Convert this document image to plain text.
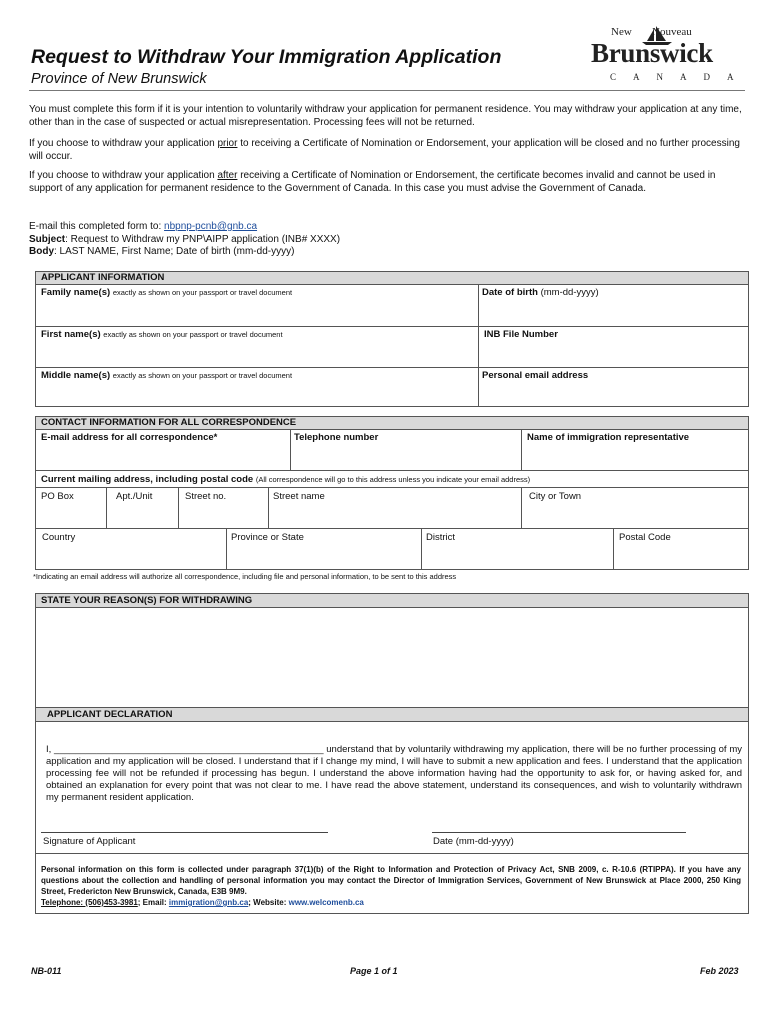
Request to Withdraw Your Immigration Application
Province of New Brunswick
New Nouveau
Brunswick
CANADA
You must complete this form if it is your intention to voluntarily withdraw your application for permanent residence. You may withdraw your application at any time, other than in the case of suspected or actual misrepresentation. Processing fees will not be returned.
If you choose to withdraw your application prior to receiving a Certificate of Nomination or Endorsement, your application will be closed and no further processing will occur.
If you choose to withdraw your application after receiving a Certificate of Nomination or Endorsement, the certificate becomes invalid and cannot be used in support of any application for permanent residence to the Government of Canada. In this case you must advise the Government of Canada.
E-mail this completed form to: nbpnp-pcnb@gnb.ca
Subject: Request to Withdraw my PNP\AIPP application (INB# XXXX)
Body: LAST NAME, First Name; Date of birth (mm-dd-yyyy)
APPLICANT INFORMATION
Family name(s) exactly as shown on your passport or travel document	Date of birth (mm-dd-yyyy)
First name(s) exactly as shown on your passport or travel document	INB File Number
Middle name(s) exactly as shown on your passport or travel document	Personal email address
CONTACT INFORMATION FOR ALL CORRESPONDENCE
E-mail address for all correspondence*	Telephone number	Name of immigration representative
Current mailing address, including postal code (All correspondence will go to this address unless you indicate your email address)
PO Box	Apt./Unit	Street no.	Street name	City or Town
Country	Province or State	District	Postal Code
*Indicating an email address will authorize all correspondence, including file and personal information, to be sent to this address
STATE YOUR REASON(S) FOR WITHDRAWING
APPLICANT DECLARATION
I, ___________________________________________________ understand that by voluntarily withdrawing my application, there will be no further processing of my application and my application will be closed. I understand that if I change my mind, I will have to submit a new application and fees. I understand that the application processing fee will not be refunded if processing has begun. I understand the above information having had the opportunity to ask for, or having asked for, and obtained an explanation for every point that was not clear to me. I have read the above statement, understand its consequences, and wish to voluntarily withdrawn my permanent resident application.
Signature of Applicant	Date (mm-dd-yyyy)
Personal information on this form is collected under paragraph 37(1)(b) of the Right to Information and Protection of Privacy Act, SNB 2009, c. R-10.6 (RTIPPA). If you have any questions about the collection and handling of personal information you may contact the Director of Immigration Services, Government of New Brunswick at Place 2000, 250 King Street, Fredericton New Brunswick, Canada, E3B 9M9.
Telephone: (506)453-3981; Email: immigration@gnb.ca; Website: www.welcomenb.ca
NB-011	Page 1 of 1	Feb 2023
